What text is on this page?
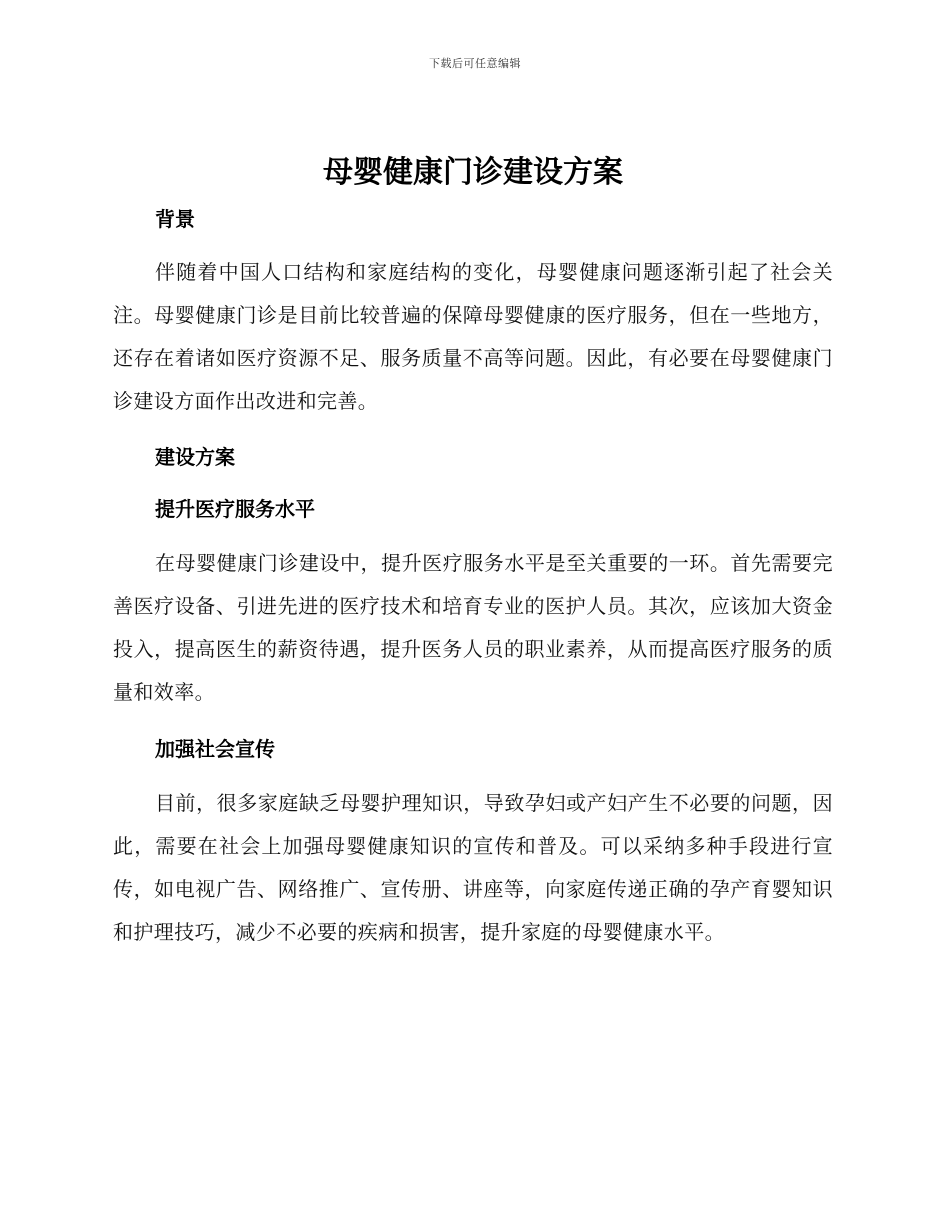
下载后可任意编辑
母婴健康门诊建设方案
背景

伴随着中国人口结构和家庭结构的变化，母婴健康问题逐渐引起了社会关注。母婴健康门诊是目前比较普遍的保障母婴健康的医疗服务，但在一些地方，还存在着诸如医疗资源不足、服务质量不高等问题。因此，有必要在母婴健康门诊建设方面作出改进和完善。

建设方案
提升医疗服务水平

在母婴健康门诊建设中，提升医疗服务水平是至关重要的一环。首先需要完善医疗设备、引进先进的医疗技术和培育专业的医护人员。其次，应该加大资金投入，提高医生的薪资待遇，提升医务人员的职业素养，从而提高医疗服务的质量和效率。

加强社会宣传

目前，很多家庭缺乏母婴护理知识，导致孕妇或产妇产生不必要的问题，因此，需要在社会上加强母婴健康知识的宣传和普及。可以采纳多种手段进行宣传，如电视广告、网络推广、宣传册、讲座等，向家庭传递正确的孕产育婴知识和护理技巧，减少不必要的疾病和损害，提升家庭的母婴健康水平。
